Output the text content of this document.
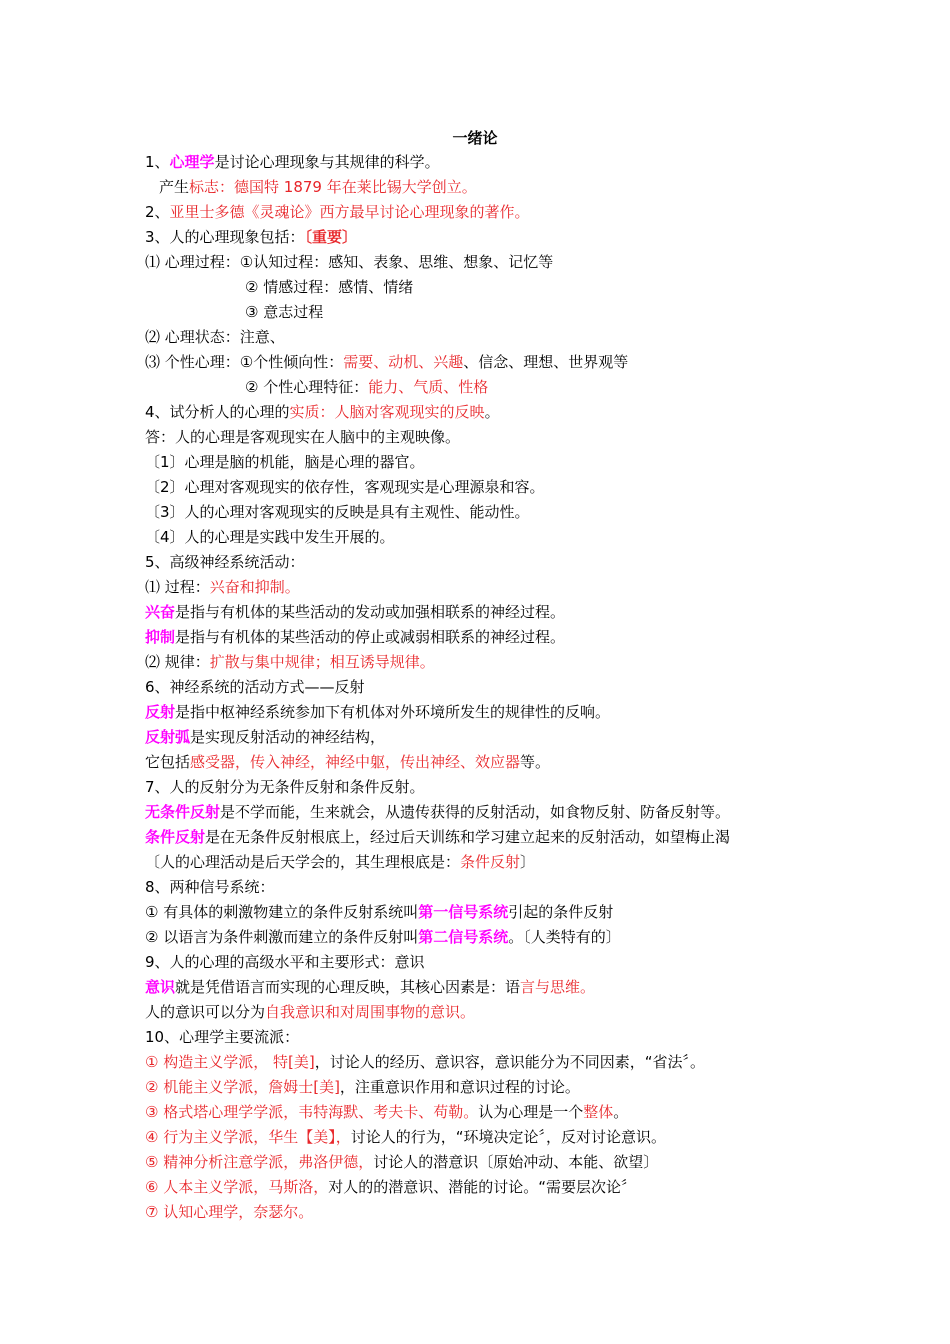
一绪论
1、心理学是讨论心理现象与其规律的科学。
产生标志：德国特 1879 年在莱比锡大学创立。
2、亚里士多德《灵魂论》西方最早讨论心理现象的著作。
3、人的心理现象包括：〔重要〕
⑴ 心理过程：①认知过程：感知、表象、思维、想象、记忆等
② 情感过程：感情、情绪
③ 意志过程
⑵ 心理状态：注意、
⑶ 个性心理：①个性倾向性：需要、动机、兴趣、信念、理想、世界观等
② 个性心理特征：能力、气质、性格
4、试分析人的心理的实质：人脑对客观现实的反映。
答：人的心理是客观现实在人脑中的主观映像。
〔1〕心理是脑的机能，脑是心理的器官。
〔2〕心理对客观现实的依存性，客观现实是心理源泉和容。
〔3〕人的心理对客观现实的反映是具有主观性、能动性。
〔4〕人的心理是实践中发生开展的。
5、高级神经系统活动：
⑴ 过程：兴奋和抑制。
兴奋是指与有机体的某些活动的发动或加强相联系的神经过程。
抑制是指与有机体的某些活动的停止或减弱相联系的神经过程。
⑵ 规律：扩散与集中规律；相互诱导规律。
6、神经系统的活动方式——反射
反射是指中枢神经系统参加下有机体对外环境所发生的规律性的反响。
反射弧是实现反射活动的神经结构，
它包括感受器，传入神经，神经中躯，传出神经、效应器等。
7、人的反射分为无条件反射和条件反射。
无条件反射是不学而能，生来就会，从遗传获得的反射活动，如食物反射、防备反射等。
条件反射是在无条件反射根底上，经过后天训练和学习建立起来的反射活动，如望梅止渴
〔人的心理活动是后天学会的，其生理根底是：条件反射〕
8、两种信号系统：
① 有具体的刺激物建立的条件反射系统叫第一信号系统引起的条件反射
② 以语言为条件刺激而建立的条件反射叫第二信号系统。〔人类特有的〕
9、人的心理的高级水平和主要形式：意识
意识就是凭借语言而实现的心理反映，其核心因素是：语言与思维。
人的意识可以分为自我意识和对周围事物的意识。
10、心理学主要流派：
① 构造主义学派， 特[美]，讨论人的经历、意识容，意识能分为不同因素，“省法〞。
② 机能主义学派，詹姆士[美]，注重意识作用和意识过程的讨论。
③ 格式塔心理学学派，韦特海默、考夫卡、苟勒。认为心理是一个整体。
④ 行为主义学派，华生【美】，讨论人的行为，“环境决定论〞，反对讨论意识。
⑤ 精神分析注意学派，弗洛伊德，讨论人的潜意识〔原始冲动、本能、欲望〕
⑥ 人本主义学派，马斯洛，对人的的潜意识、潜能的讨论。“需要层次论〞
⑦ 认知心理学，奈瑟尔。
